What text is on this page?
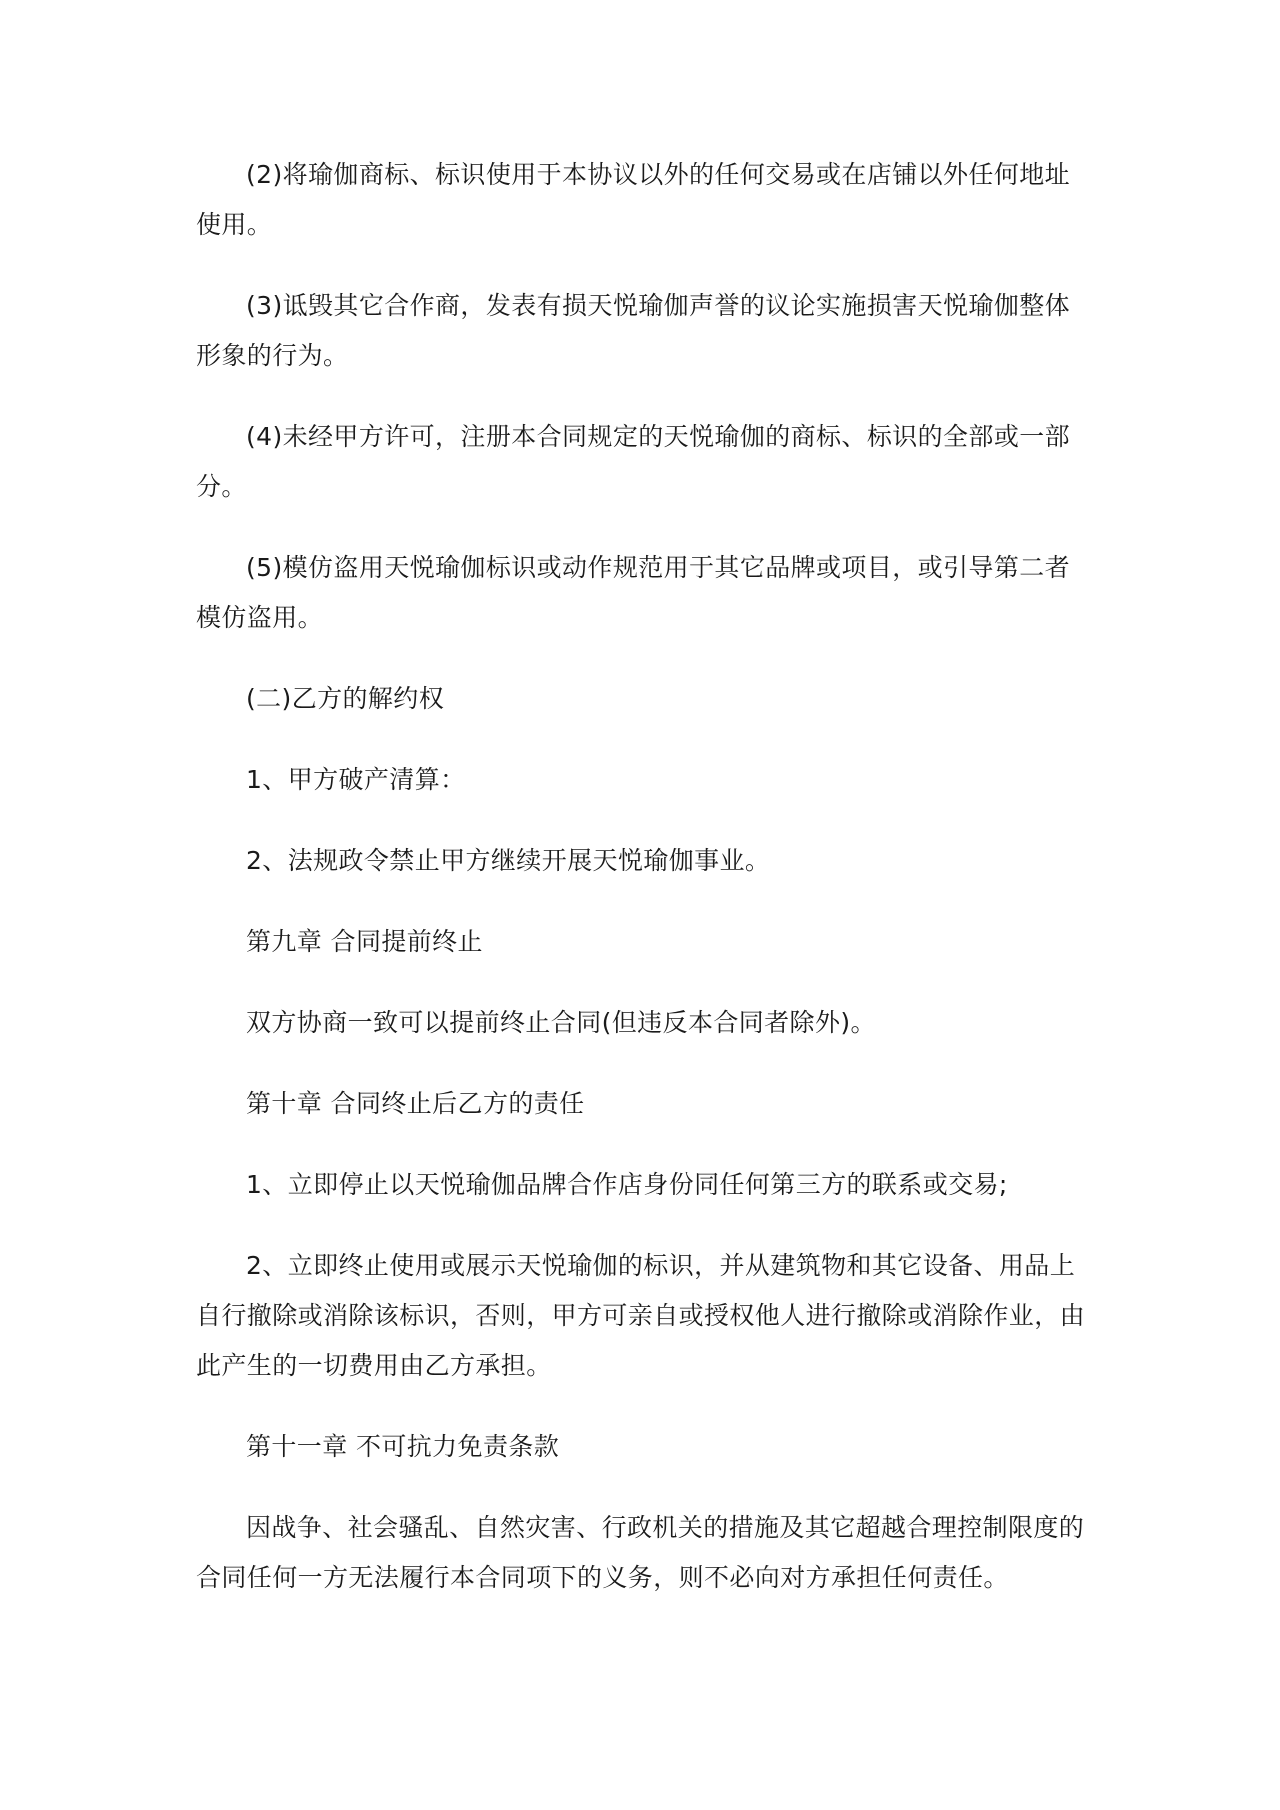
(2)将瑜伽商标、标识使用于本协议以外的任何交易或在店铺以外任何地址使用。

(3)诋毁其它合作商，发表有损天悦瑜伽声誉的议论实施损害天悦瑜伽整体形象的行为。

(4)未经甲方许可，注册本合同规定的天悦瑜伽的商标、标识的全部或一部分。

(5)模仿盗用天悦瑜伽标识或动作规范用于其它品牌或项目，或引导第二者模仿盗用。

(二)乙方的解约权

1、甲方破产清算：

2、法规政令禁止甲方继续开展天悦瑜伽事业。

第九章 合同提前终止

双方协商一致可以提前终止合同(但违反本合同者除外)。

第十章 合同终止后乙方的责任

1、立即停止以天悦瑜伽品牌合作店身份同任何第三方的联系或交易;

2、立即终止使用或展示天悦瑜伽的标识，并从建筑物和其它设备、用品上自行撤除或消除该标识，否则，甲方可亲自或授权他人进行撤除或消除作业，由此产生的一切费用由乙方承担。

第十一章 不可抗力免责条款

因战争、社会骚乱、自然灾害、行政机关的措施及其它超越合理控制限度的合同任何一方无法履行本合同项下的义务，则不必向对方承担任何责任。
